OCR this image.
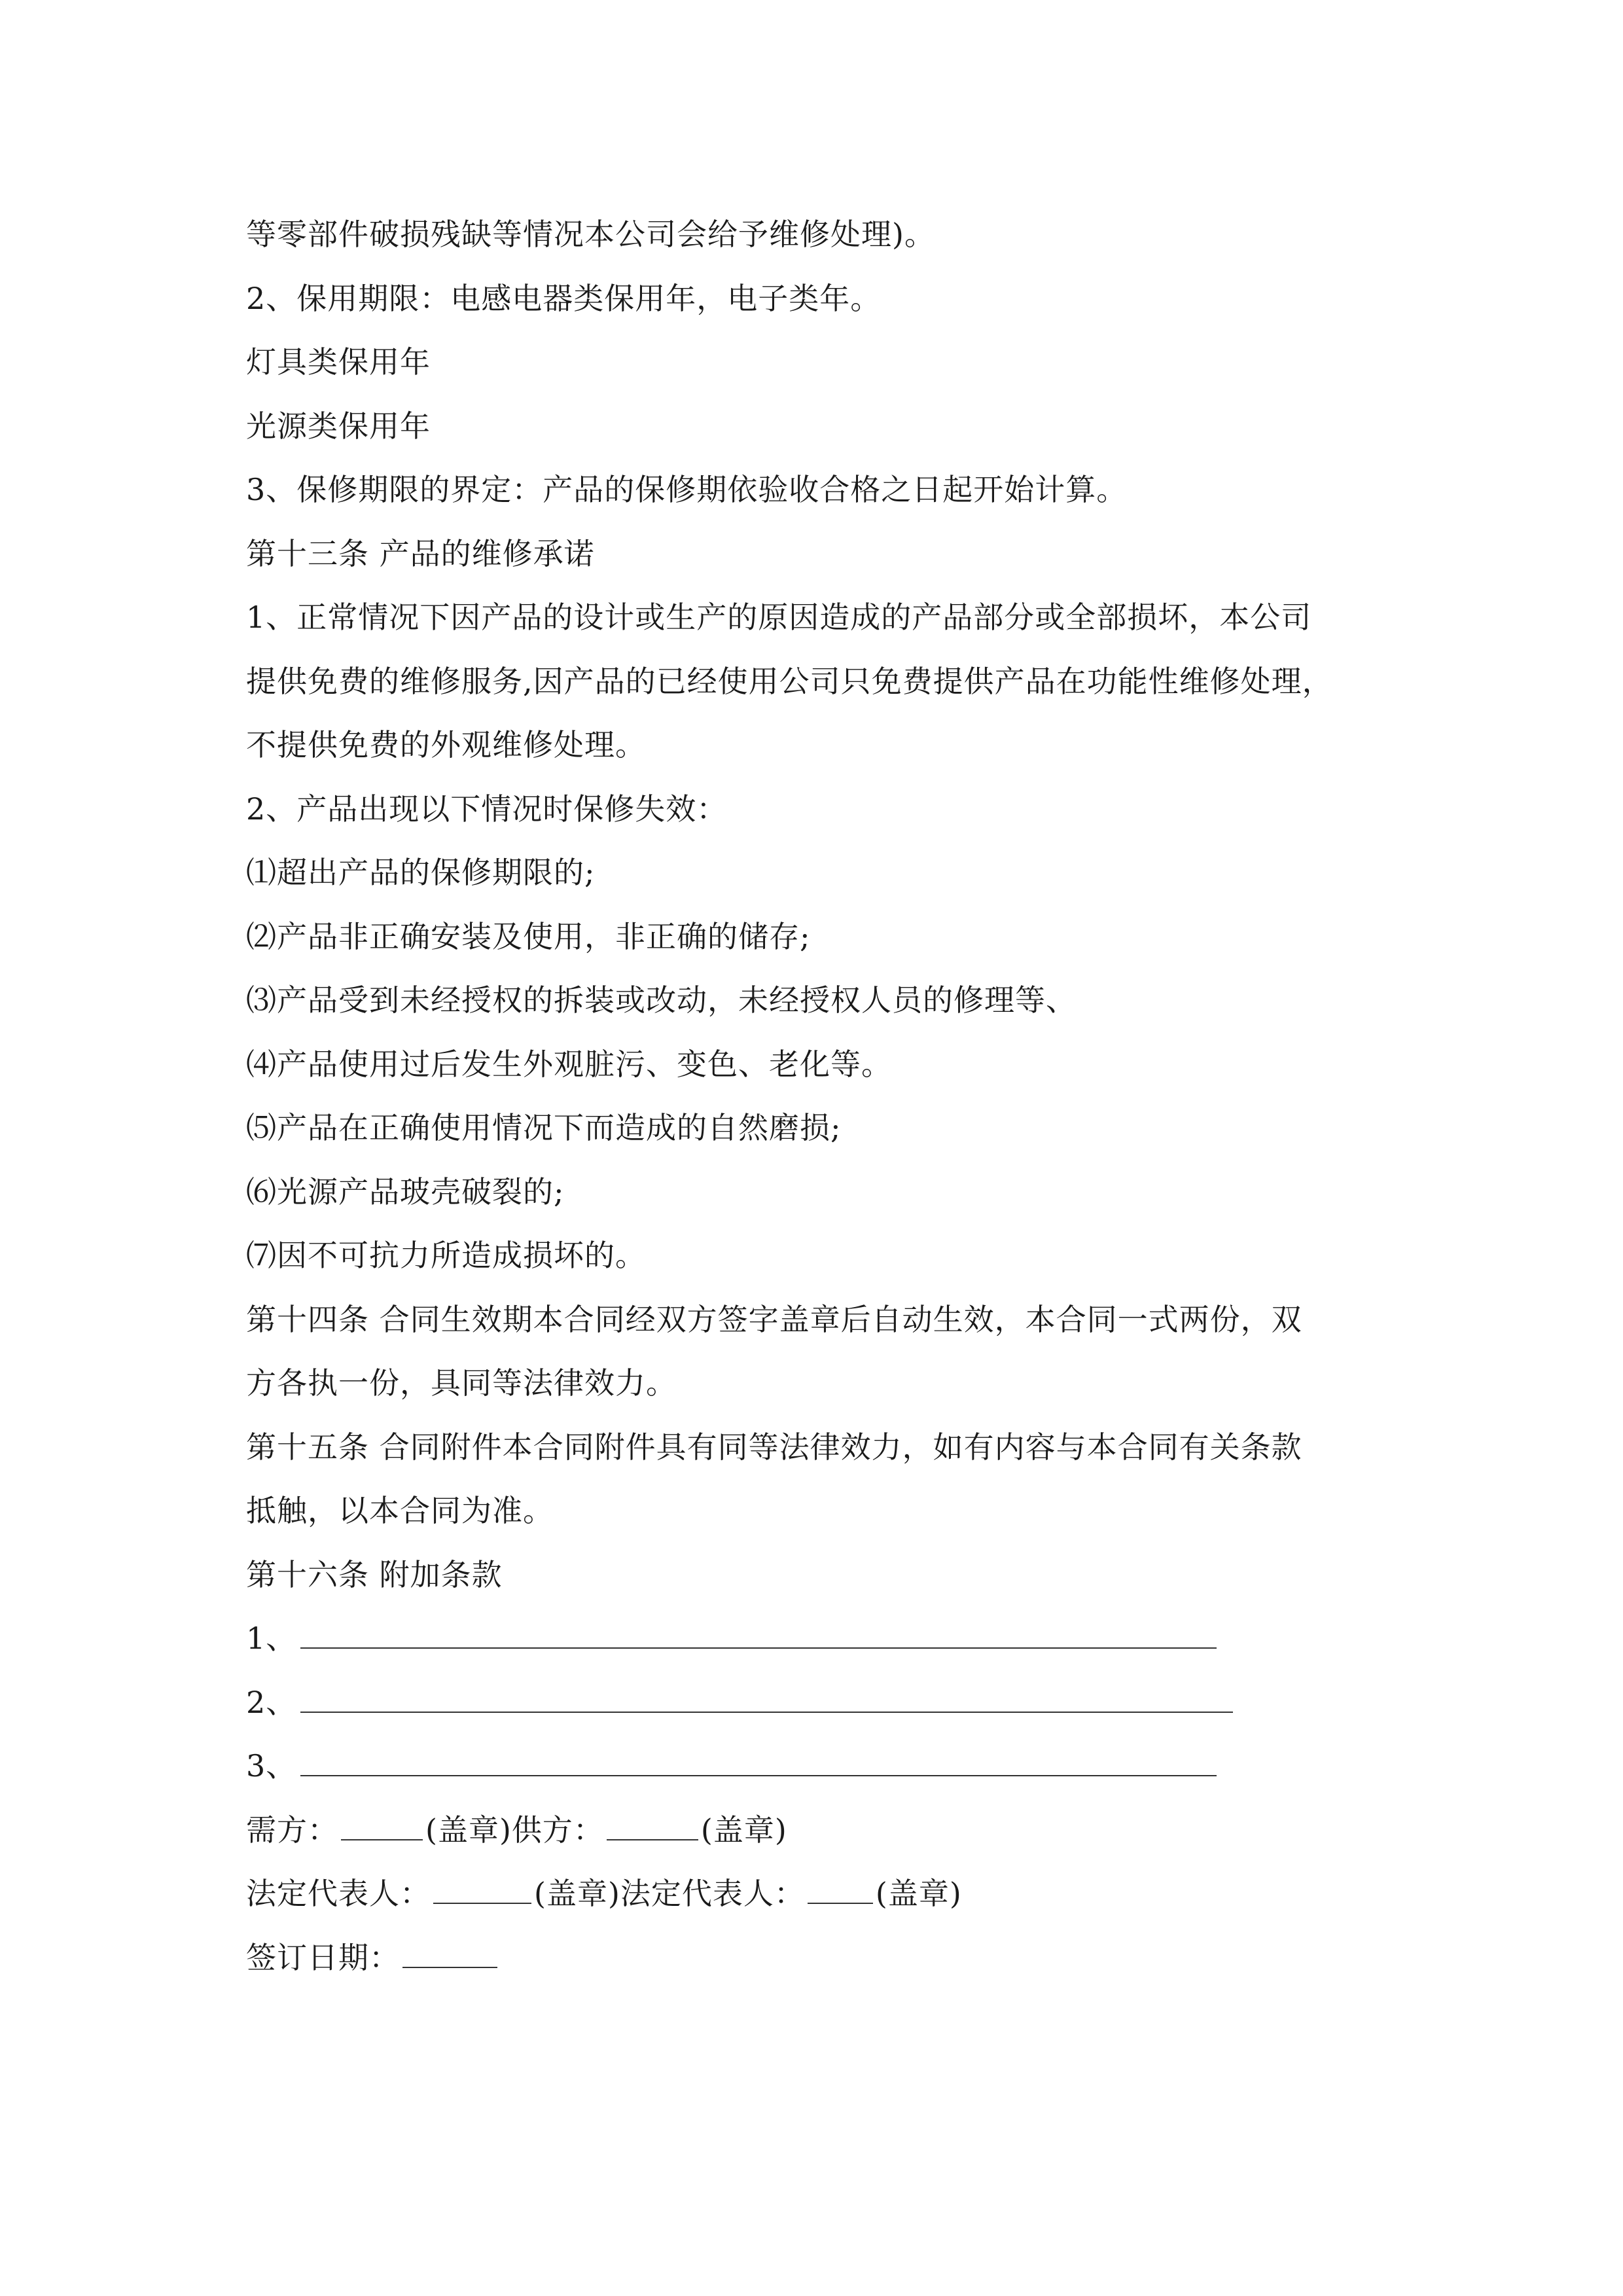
等零部件破损残缺等情况本公司会给予维修处理)。
2、保用期限：电感电器类保用年，电子类年。
灯具类保用年
光源类保用年
3、保修期限的界定：产品的保修期依验收合格之日起开始计算。
第十三条 产品的维修承诺
1、正常情况下因产品的设计或生产的原因造成的产品部分或全部损坏，本公司
提供免费的维修服务,因产品的已经使用公司只免费提供产品在功能性维修处理，
不提供免费的外观维修处理。
2、产品出现以下情况时保修失效：
⑴超出产品的保修期限的;
⑵产品非正确安装及使用，非正确的储存;
⑶产品受到未经授权的拆装或改动，未经授权人员的修理等、
⑷产品使用过后发生外观脏污、变色、老化等。
⑸产品在正确使用情况下而造成的自然磨损;
⑹光源产品玻壳破裂的;
⑺因不可抗力所造成损坏的。
第十四条 合同生效期本合同经双方签字盖章后自动生效，本合同一式两份，双
方各执一份，具同等法律效力。
第十五条 合同附件本合同附件具有同等法律效力，如有内容与本合同有关条款
抵触，以本合同为准。
第十六条 附加条款
1、
2、
3、
需方：	(盖章)供方：	(盖章)
法定代表人：	(盖章)法定代表人： (盖章)
签订日期：
